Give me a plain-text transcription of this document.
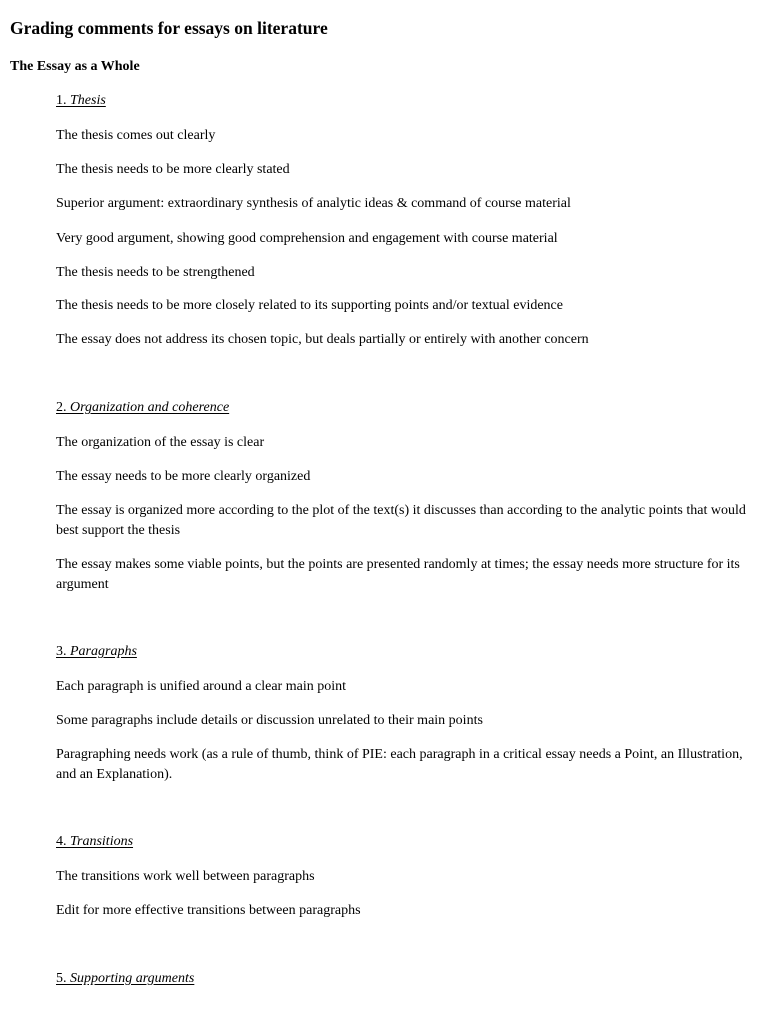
Grading comments for essays on literature
The Essay as a Whole

1. Thesis

The thesis comes out clearly

The thesis needs to be more clearly stated

Superior argument: extraordinary synthesis of analytic ideas & command of course material

Very good argument, showing good comprehension and engagement with course material

The thesis needs to be strengthened

The thesis needs to be more closely related to its supporting points and/or textual evidence

The essay does not address its chosen topic, but deals partially or entirely with another concern

2. Organization and coherence

The organization of the essay is clear

The essay needs to be more clearly organized

The essay is organized more according to the plot of the text(s) it discusses than according to the analytic points that would best support the thesis

The essay makes some viable points, but the points are presented randomly at times; the essay needs more structure for its argument

3. Paragraphs

Each paragraph is unified around a clear main point

Some paragraphs include details or discussion unrelated to their main points

Paragraphing needs work (as a rule of thumb, think of PIE: each paragraph in a critical essay needs a Point, an Illustration, and an Explanation).

4. Transitions

The transitions work well between paragraphs

Edit for more effective transitions between paragraphs

5. Supporting arguments
